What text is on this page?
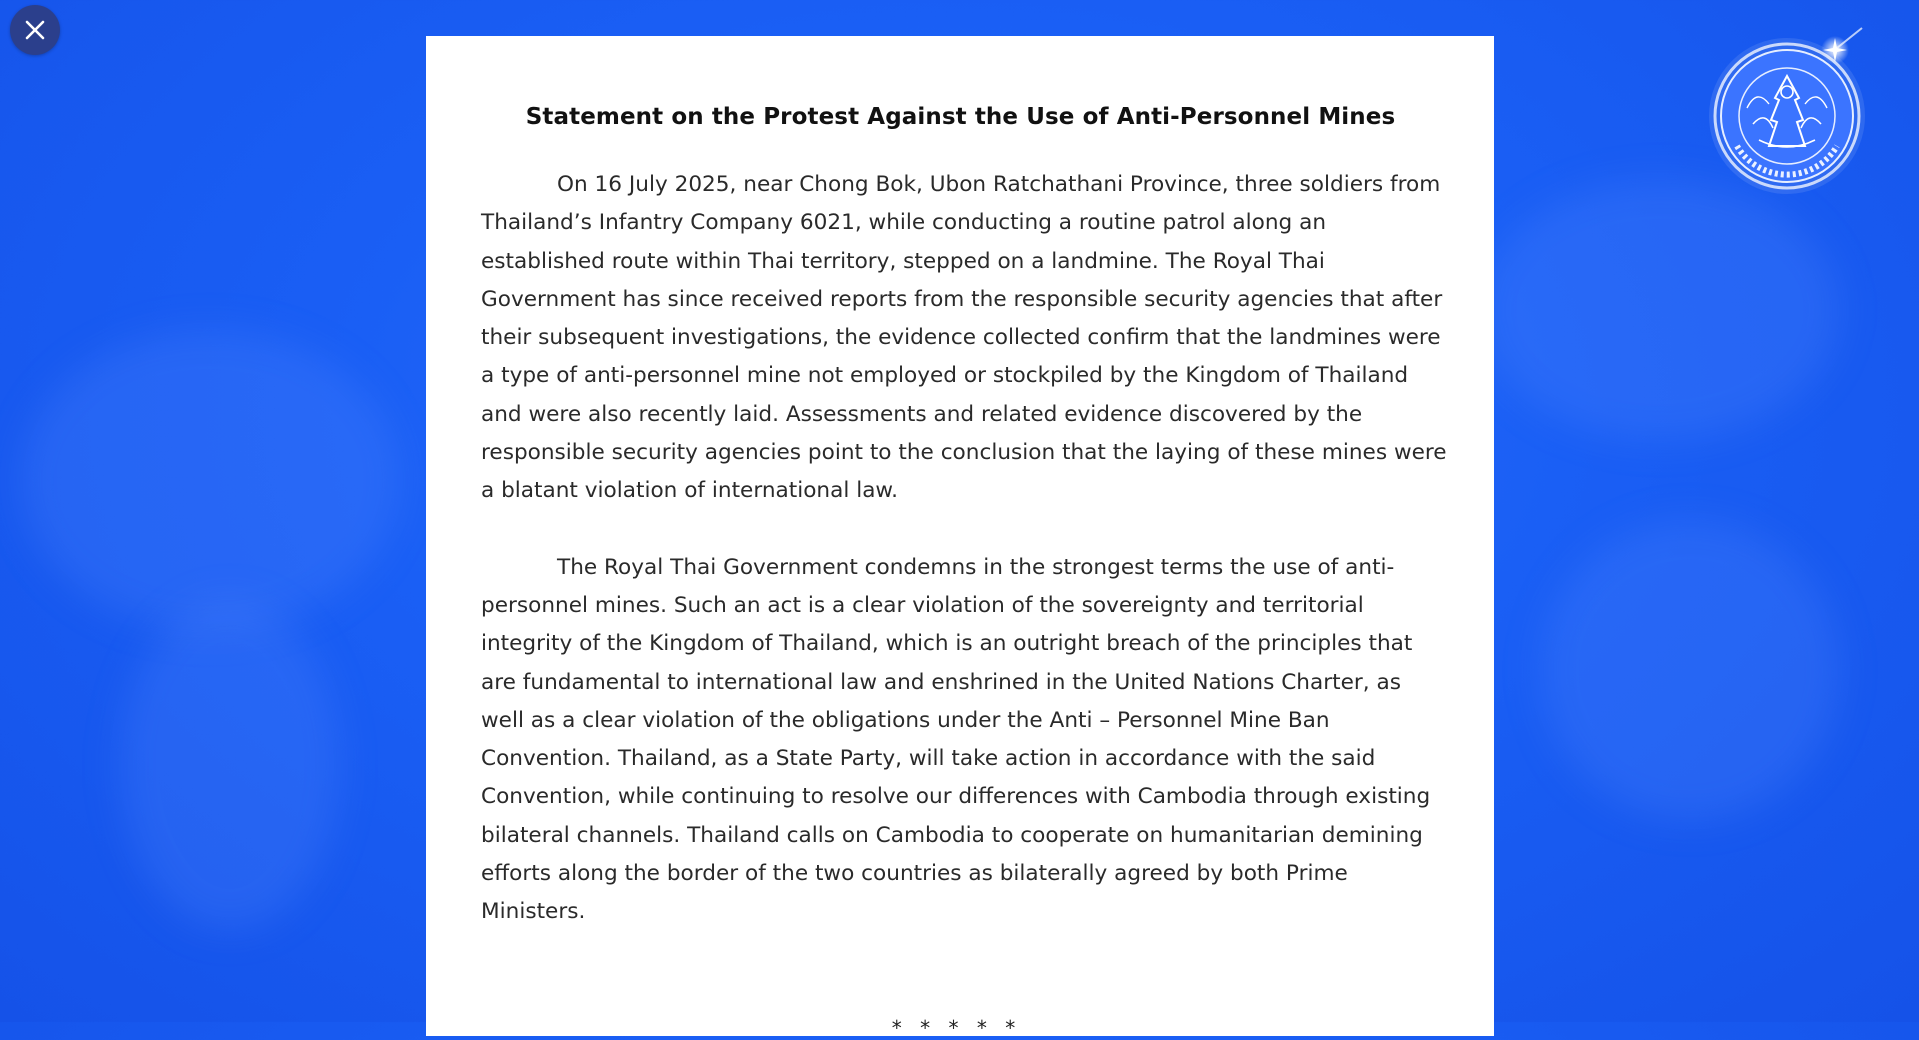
Statement on the Protest Against the Use of Anti-Personnel Mines

On 16 July 2025, near Chong Bok, Ubon Ratchathani Province, three soldiers from Thailand’s Infantry Company 6021, while conducting a routine patrol along an established route within Thai territory, stepped on a landmine. The Royal Thai Government has since received reports from the responsible security agencies that after their subsequent investigations, the evidence collected confirm that the landmines were a type of anti-personnel mine not employed or stockpiled by the Kingdom of Thailand and were also recently laid. Assessments and related evidence discovered by the responsible security agencies point to the conclusion that the laying of these mines were a blatant violation of international law.

The Royal Thai Government condemns in the strongest terms the use of anti-personnel mines. Such an act is a clear violation of the sovereignty and territorial integrity of the Kingdom of Thailand, which is an outright breach of the principles that are fundamental to international law and enshrined in the United Nations Charter, as well as a clear violation of the obligations under the Anti – Personnel Mine Ban Convention. Thailand, as a State Party, will take action in accordance with the said Convention, while continuing to resolve our differences with Cambodia through existing bilateral channels. Thailand calls on Cambodia to cooperate on humanitarian demining efforts along the border of the two countries as bilaterally agreed by both Prime Ministers.

* * * * *
